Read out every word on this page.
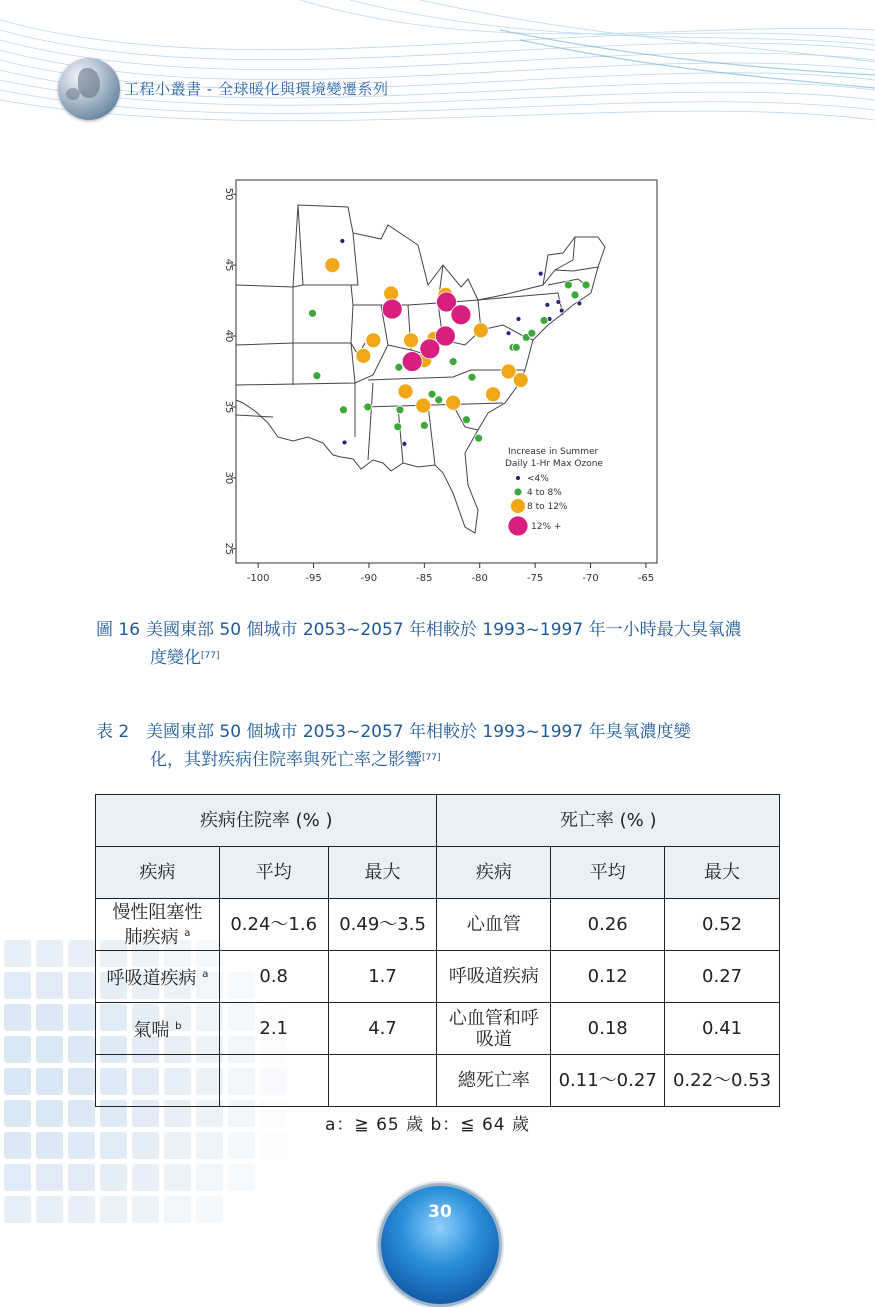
工程小叢書 - 全球暖化與環境變遷系列
-100	-95	-90	-85	-80	-75	-70	-65
50
45
40
35
30
25
Increase in Summer
Daily 1-Hr Max Ozone
<4%
4 to 8%
8 to 12%
12% +
圖 16 美國東部 50 個城市 2053~2057 年相較於 1993~1997 年一小時最大臭氧濃
度變化[77]
表 2 美國東部 50 個城市 2053~2057 年相較於 1993~1997 年臭氧濃度變
化，其對疾病住院率與死亡率之影響[77]
疾病住院率 (% )			死亡率 (% )		
疾病	平均	最大	疾病	平均	最大
慢性阻塞性
肺疾病 $^a$	0.24～1.6	0.49～3.5	心血管	0.26	0.52
呼吸道疾病 $^a$	0.8	1.7	呼吸道疾病	0.12	0.27
氣喘 $^b$	2.1	4.7	心血管和呼
吸道	0.18	0.41
			總死亡率	0.11～0.27	0.22～0.53
a：≧ 65 歲 b：≦ 64 歲
30
